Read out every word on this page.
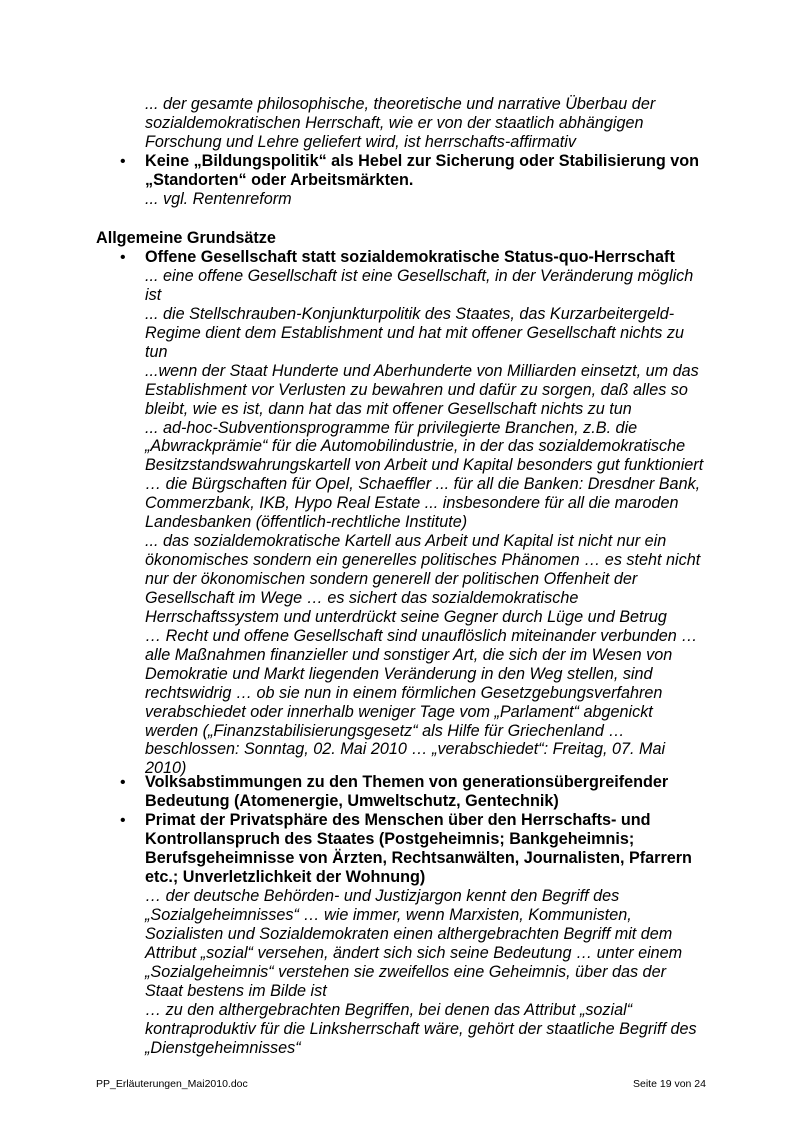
... der gesamte philosophische, theoretische und narrative Überbau der
sozialdemokratischen Herrschaft, wie er von der staatlich abhängigen
Forschung und Lehre geliefert wird, ist herrschafts-affirmativ
• Keine „Bildungspolitik“ als Hebel zur Sicherung oder Stabilisierung von
„Standorten“ oder Arbeitsmärkten.
... vgl. Rentenreform
Allgemeine Grundsätze
• Offene Gesellschaft statt sozialdemokratische Status-quo-Herrschaft
... eine offene Gesellschaft ist eine Gesellschaft, in der Veränderung möglich
ist
... die Stellschrauben-Konjunkturpolitik des Staates, das Kurzarbeitergeld-
Regime dient dem Establishment und hat mit offener Gesellschaft nichts zu
tun
...wenn der Staat Hunderte und Aberhunderte von Milliarden einsetzt, um das
Establishment vor Verlusten zu bewahren und dafür zu sorgen, daß alles so
bleibt, wie es ist, dann hat das mit offener Gesellschaft nichts zu tun
... ad-hoc-Subventionsprogramme für privilegierte Branchen, z.B. die
„Abwrackprämie“ für die Automobilindustrie, in der das sozialdemokratische
Besitzstandswahrungskartell von Arbeit und Kapital besonders gut funktioniert
… die Bürgschaften für Opel, Schaeffler ... für all die Banken: Dresdner Bank,
Commerzbank, IKB, Hypo Real Estate ... insbesondere für all die maroden
Landesbanken (öffentlich-rechtliche Institute)
... das sozialdemokratische Kartell aus Arbeit und Kapital ist nicht nur ein
ökonomisches sondern ein generelles politisches Phänomen … es steht nicht
nur der ökonomischen sondern generell der politischen Offenheit der
Gesellschaft im Wege … es sichert das sozialdemokratische
Herrschaftssystem und unterdrückt seine Gegner durch Lüge und Betrug
… Recht und offene Gesellschaft sind unauflöslich miteinander verbunden …
alle Maßnahmen finanzieller und sonstiger Art, die sich der im Wesen von
Demokratie und Markt liegenden Veränderung in den Weg stellen, sind
rechtswidrig … ob sie nun in einem förmlichen Gesetzgebungsverfahren
verabschiedet oder innerhalb weniger Tage vom „Parlament“ abgenickt
werden („Finanzstabilisierungsgesetz“ als Hilfe für Griechenland …
beschlossen: Sonntag, 02. Mai 2010 … „verabschiedet“: Freitag, 07. Mai
2010)
• Volksabstimmungen zu den Themen von generationsübergreifender
Bedeutung (Atomenergie, Umweltschutz, Gentechnik)
• Primat der Privatsphäre des Menschen über den Herrschafts- und
Kontrollanspruch des Staates (Postgeheimnis; Bankgeheimnis;
Berufsgeheimnisse von Ärzten, Rechtsanwälten, Journalisten, Pfarrern
etc.; Unverletzlichkeit der Wohnung)
… der deutsche Behörden- und Justizjargon kennt den Begriff des
„Sozialgeheimnisses“ … wie immer, wenn Marxisten, Kommunisten,
Sozialisten und Sozialdemokraten einen althergebrachten Begriff mit dem
Attribut „sozial“ versehen, ändert sich sich seine Bedeutung … unter einem
„Sozialgeheimnis“ verstehen sie zweifellos eine Geheimnis, über das der
Staat bestens im Bilde ist
… zu den althergebrachten Begriffen, bei denen das Attribut „sozial“
kontraproduktiv für die Linksherrschaft wäre, gehört der staatliche Begriff des
„Dienstgeheimnisses“
PP_Erläuterungen_Mai2010.doc	Seite 19 von 24
